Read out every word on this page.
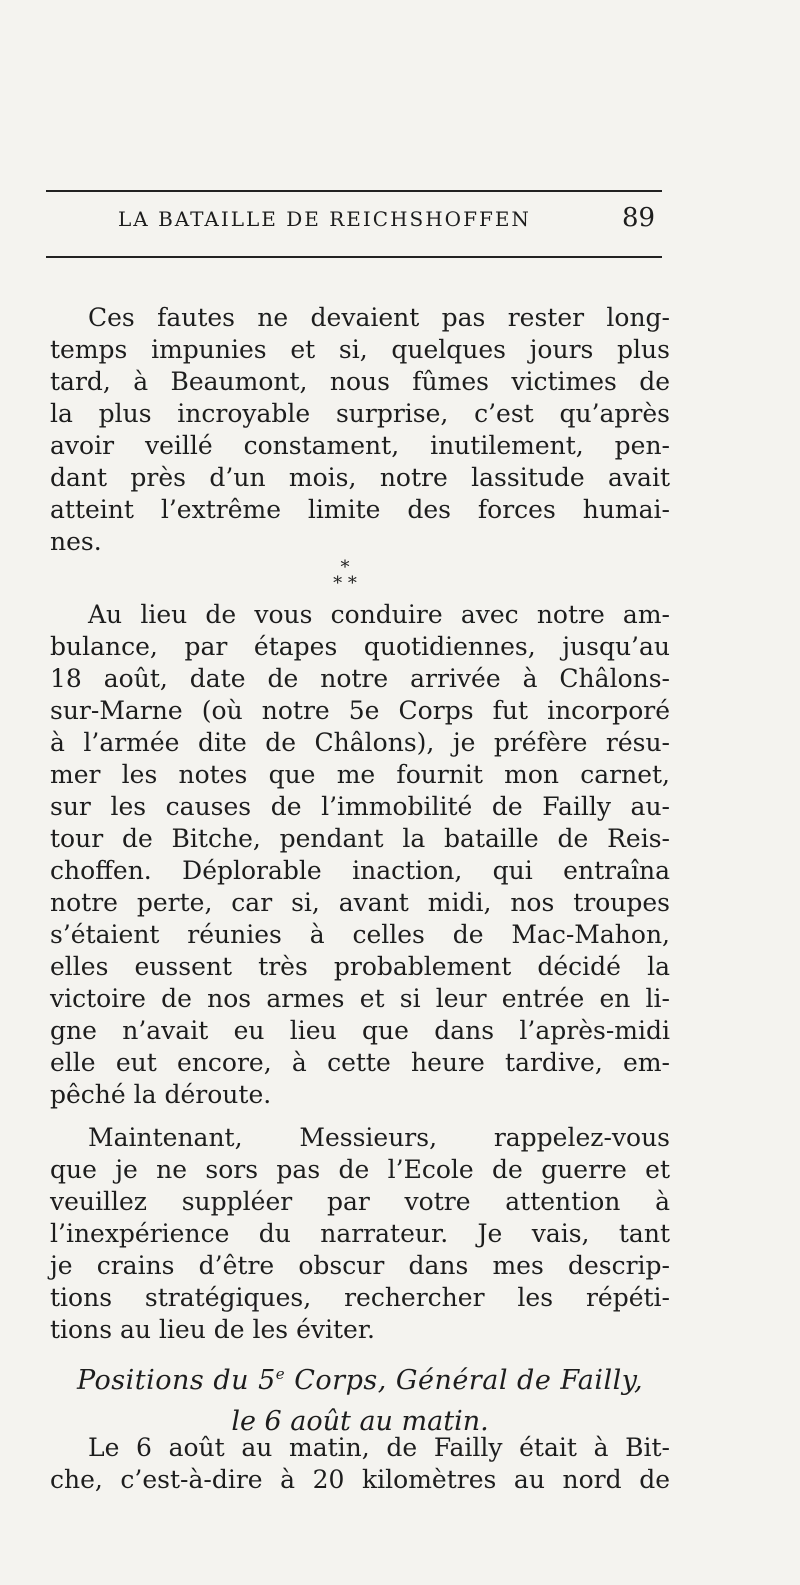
LA BATAILLE DE REICHSHOFFEN	89
Ces fautes ne devaient pas rester long-
temps impunies et si, quelques jours plus
tard, à Beaumont, nous fûmes victimes de
la plus incroyable surprise, c’est qu’après
avoir veillé constament, inutilement, pen-
dant près d’un mois, notre lassitude avait
atteint l’extrême limite des forces humai-
nes.
*
* *
Au lieu de vous conduire avec notre am-
bulance, par étapes quotidiennes, jusqu’au
18 août, date de notre arrivée à Châlons-
sur-Marne (où notre 5e Corps fut incorporé
à l’armée dite de Châlons), je préfère résu-
mer les notes que me fournit mon carnet,
sur les causes de l’immobilité de Failly au-
tour de Bitche, pendant la bataille de Reis-
choffen. Déplorable inaction, qui entraîna
notre perte, car si, avant midi, nos troupes
s’étaient réunies à celles de Mac-Mahon,
elles eussent très probablement décidé la
victoire de nos armes et si leur entrée en li-
gne n’avait eu lieu que dans l’après-midi
elle eut encore, à cette heure tardive, em-
pêché la déroute.
Maintenant, Messieurs, rappelez-vous
que je ne sors pas de l’Ecole de guerre et
veuillez suppléer par votre attention à
l’inexpérience du narrateur. Je vais, tant
je crains d’être obscur dans mes descrip-
tions stratégiques, rechercher les répéti-
tions au lieu de les éviter.
Positions du 5e Corps, Général de Failly,
le 6 août au matin.
Le 6 août au matin, de Failly était à Bit-
che, c’est-à-dire à 20 kilomètres au nord de
